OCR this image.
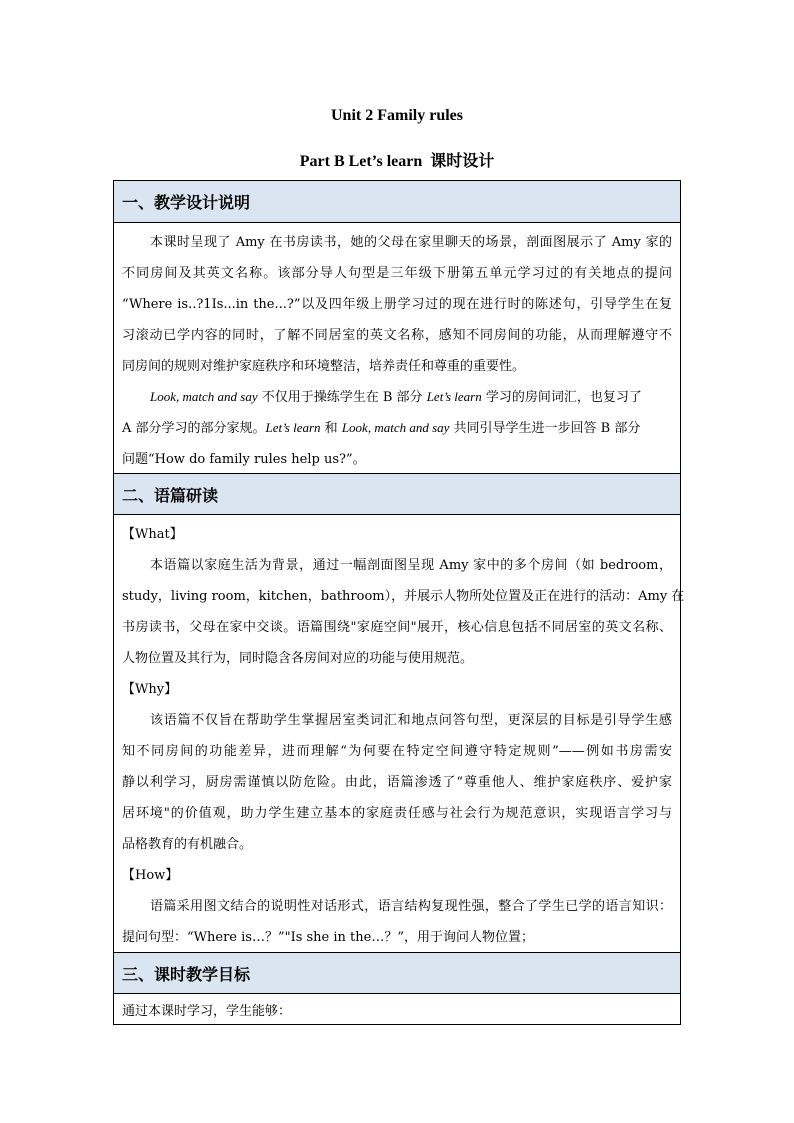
Unit 2 Family rules
Part B Let’s learn 课时设计
一、教学设计说明
本课时呈现了 Amy 在书房读书，她的父母在家里聊天的场景，剖面图展示了 Amy 家的
不同房间及其英文名称。该部分导人句型是三年级下册第五单元学习过的有关地点的提问
“Where is..?1Is...in the...?”以及四年级上册学习过的现在进行时的陈述句，引导学生在复
习滚动已学内容的同时，了解不同居室的英文名称，感知不同房间的功能，从而理解遵守不
同房间的规则对维护家庭秩序和环境整洁，培养责任和尊重的重要性。
Look, match and say 不仅用于操练学生在 B 部分 Let’s learn 学习的房间词汇，也复习了
A 部分学习的部分家规。Let’s learn 和 Look, match and say 共同引导学生进一步回答 B 部分
问题“How do family rules help us?”。
二、语篇研读
【What】
本语篇以家庭生活为背景，通过一幅剖面图呈现 Amy 家中的多个房间（如 bedroom，
study，living room，kitchen，bathroom），并展示人物所处位置及正在进行的活动：Amy 在
书房读书，父母在家中交谈。语篇围绕"家庭空间"展开，核心信息包括不同居室的英文名称、
人物位置及其行为，同时隐含各房间对应的功能与使用规范。
【Why】
该语篇不仅旨在帮助学生掌握居室类词汇和地点问答句型，更深层的目标是引导学生感
知不同房间的功能差异，进而理解“为何要在特定空间遵守特定规则”——例如书房需安
静以利学习，厨房需谨慎以防危险。由此，语篇渗透了“尊重他人、维护家庭秩序、爱护家
居环境"的价值观，助力学生建立基本的家庭责任感与社会行为规范意识，实现语言学习与
品格教育的有机融合。
【How】
语篇采用图文结合的说明性对话形式，语言结构复现性强，整合了学生已学的语言知识：
提问句型：“Where is…？”"Is she in the…？”，用于询问人物位置；
三、课时教学目标
通过本课时学习，学生能够：
